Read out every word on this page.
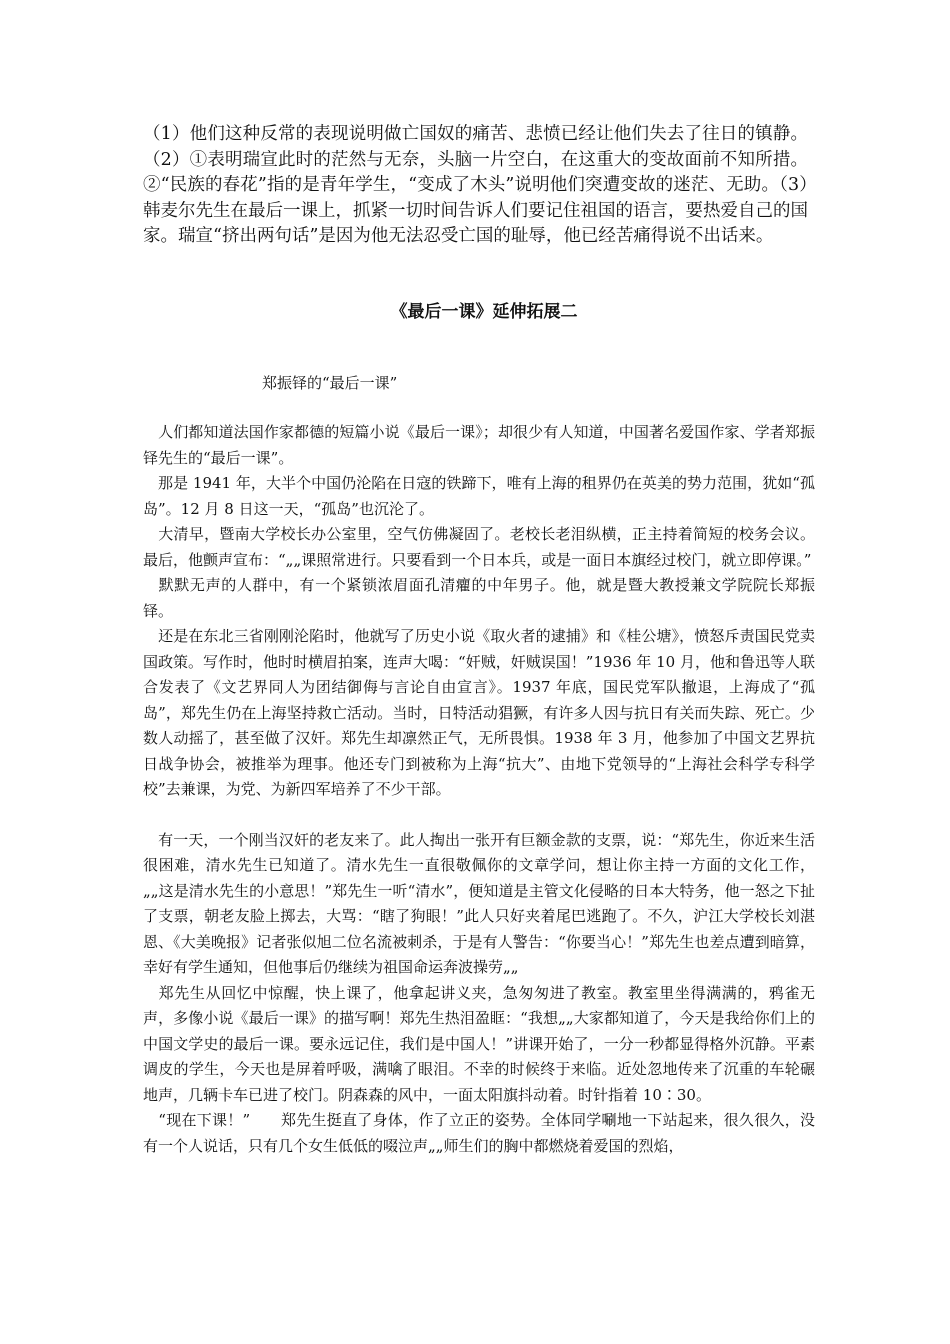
（1）他们这种反常的表现说明做亡国奴的痛苦、悲愤已经让他们失去了往日的镇静。（2）①表明瑞宣此时的茫然与无奈，头脑一片空白，在这重大的变故面前不知所措。②“民族的春花”指的是青年学生，“变成了木头”说明他们突遭变故的迷茫、无助。（3）韩麦尔先生在最后一课上，抓紧一切时间告诉人们要记住祖国的语言，要热爱自己的国家。瑞宣“挤出两句话”是因为他无法忍受亡国的耻辱，他已经苦痛得说不出话来。

《最后一课》延伸拓展二

郑振铎的“最后一课”

　人们都知道法国作家都德的短篇小说《最后一课》；却很少有人知道，中国著名爱国作家、学者郑振铎先生的“最后一课”。

　那是 1941 年，大半个中国仍沦陷在日寇的铁蹄下，唯有上海的租界仍在英美的势力范围，犹如“孤岛”。12 月 8 日这一天，“孤岛”也沉沦了。

　大清早，暨南大学校长办公室里，空气仿佛凝固了。老校长老泪纵横，正主持着简短的校务会议。最后，他颤声宣布：“„„课照常进行。只要看到一个日本兵，或是一面日本旗经过校门，就立即停课。”

　默默无声的人群中，有一个紧锁浓眉面孔清癯的中年男子。他，就是暨大教授兼文学院院长郑振铎。

　还是在东北三省刚刚沦陷时，他就写了历史小说《取火者的逮捕》和《桂公塘》，愤怒斥责国民党卖国政策。写作时，他时时横眉拍案，连声大喝：“奸贼，奸贼误国！”1936 年 10 月，他和鲁迅等人联合发表了《文艺界同人为团结御侮与言论自由宣言》。1937 年底，国民党军队撤退，上海成了“孤岛”，郑先生仍在上海坚持救亡活动。当时，日特活动猖獗，有许多人因与抗日有关而失踪、死亡。少数人动摇了，甚至做了汉奸。郑先生却凛然正气，无所畏惧。1938 年 3 月，他参加了中国文艺界抗日战争协会，被推举为理事。他还专门到被称为上海“抗大”、由地下党领导的“上海社会科学专科学校”去兼课，为党、为新四军培养了不少干部。

　有一天，一个刚当汉奸的老友来了。此人掏出一张开有巨额金款的支票，说：“郑先生，你近来生活很困难，清水先生已知道了。清水先生一直很敬佩你的文章学问，想让你主持一方面的文化工作，„„这是清水先生的小意思！”郑先生一听“清水”，便知道是主管文化侵略的日本大特务，他一怒之下扯了支票，朝老友脸上掷去，大骂：“瞎了狗眼！”此人只好夹着尾巴逃跑了。不久，沪江大学校长刘湛恩、《大美晚报》记者张似旭二位名流被刺杀，于是有人警告：“你要当心！”郑先生也差点遭到暗算，幸好有学生通知，但他事后仍继续为祖国命运奔波操劳„„

　郑先生从回忆中惊醒，快上课了，他拿起讲义夹，急匆匆进了教室。教室里坐得满满的，鸦雀无声，多像小说《最后一课》的描写啊！郑先生热泪盈眶：“我想„„大家都知道了，今天是我给你们上的中国文学史的最后一课。要永远记住，我们是中国人！”讲课开始了，一分一秒都显得格外沉静。平素调皮的学生，今天也是屏着呼吸，满噙了眼泪。不幸的时候终于来临。近处忽地传来了沉重的车轮碾地声，几辆卡车已进了校门。阴森森的风中，一面太阳旗抖动着。时针指着 10∶30。

　“现在下课！”　　郑先生挺直了身体，作了立正的姿势。全体同学唰地一下站起来，很久很久，没有一个人说话，只有几个女生低低的啜泣声„„师生们的胸中都燃烧着爱国的烈焰，
